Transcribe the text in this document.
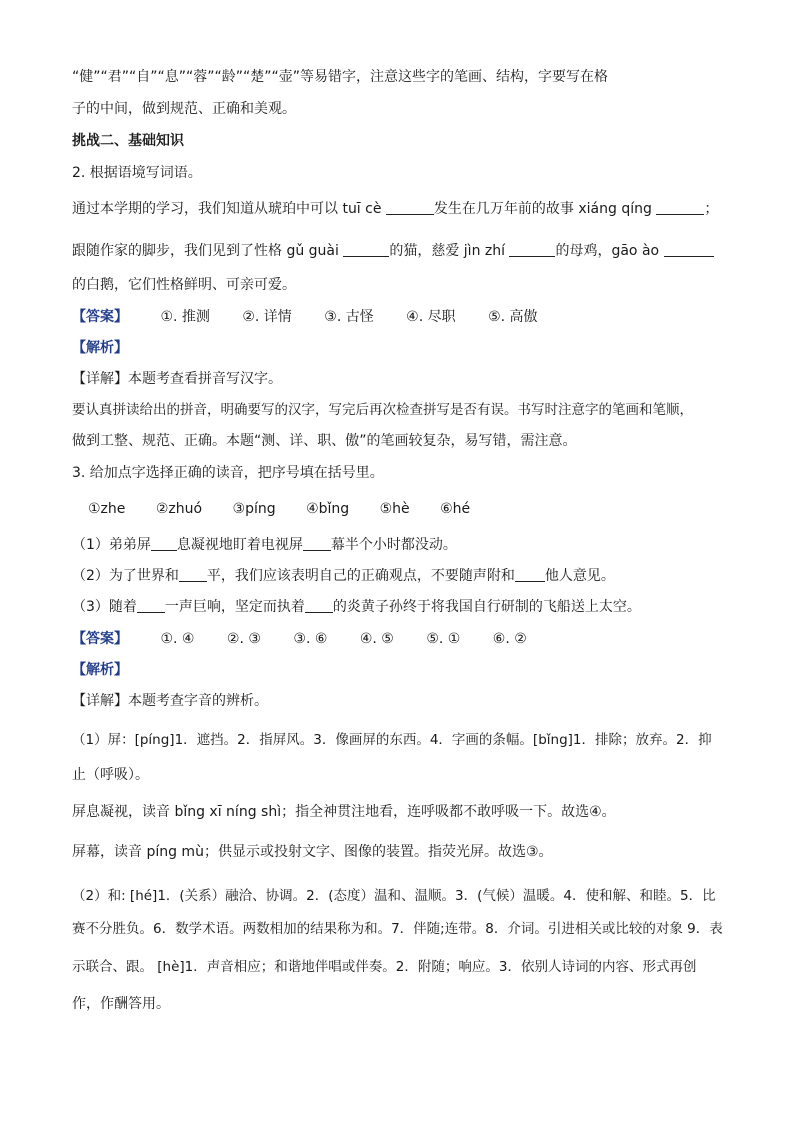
“健”“君”“自”“息”“蓉”“龄”“楚”“壶”等易错字，注意这些字的笔画、结构，字要写在格
子的中间，做到规范、正确和美观。
挑战二、基础知识
2. 根据语境写词语。
通过本学期的学习，我们知道从琥珀中可以 tuī cè	发生在几万年前的故事 xiáng qíng	；
跟随作家的脚步，我们见到了性格 gǔ guài	的猫，慈爱 jìn zhí	的母鸡，gāo ào
的白鹅，它们性格鲜明、可亲可爱。
【答案】 ①. 推测 ②. 详情 ③. 古怪 ④. 尽职 ⑤. 高傲
【解析】
【详解】本题考查看拼音写汉字。
要认真拼读给出的拼音，明确要写的汉字，写完后再次检查拼写是否有误。书写时注意字的笔画和笔顺，
做到工整、规范、正确。本题“测、详、职、傲”的笔画较复杂，易写错，需注意。
3. 给加点字选择正确的读音，把序号填在括号里。
①zhe ②zhuó ③píng ④bǐng ⑤hè ⑥hé
（1）弟弟屏 息凝视地盯着电视屏 幕半个小时都没动。
（2）为了世界和 平，我们应该表明自己的正确观点，不要随声附和 他人意见。
（3）随着 一声巨响，坚定而执着 的炎黄子孙终于将我国自行研制的飞船送上太空。
【答案】 ①. ④ ②. ③ ③. ⑥ ④. ⑤ ⑤. ① ⑥. ②
【解析】
【详解】本题考查字音的辨析。
（1）屏：[píng]1．遮挡。2．指屏风。3．像画屏的东西。4．字画的条幅。[bǐng]1．排除；放弃。2．抑
止（呼吸）。
屏息凝视，读音 bǐng xī níng shì；指全神贯注地看，连呼吸都不敢呼吸一下。故选④。
屏幕，读音 píng mù；供显示或投射文字、图像的装置。指荧光屏。故选③。
（2）和: [hé]1．(关系）融洽、协调。2．(态度）温和、温顺。3．(气候）温暖。4．使和解、和睦。5．比
赛不分胜负。6．数学术语。两数相加的结果称为和。7．伴随;连带。8．介词。引进相关或比较的对象 9．表
示联合、跟。 [hè]1．声音相应；和谐地伴唱或伴奏。2．附随；响应。3．依别人诗词的内容、形式再创
作，作酬答用。
